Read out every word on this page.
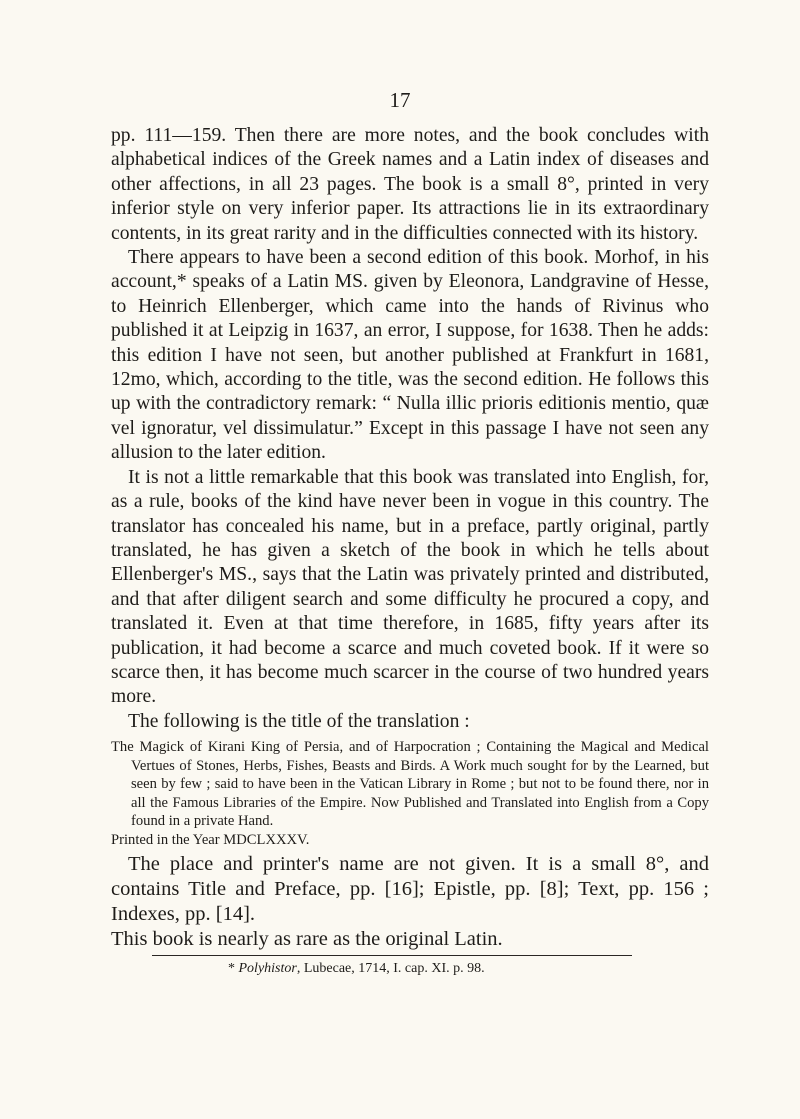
17

pp. 111—159. Then there are more notes, and the book concludes with alphabetical indices of the Greek names and a Latin index of diseases and other affections, in all 23 pages. The book is a small 8°, printed in very inferior style on very inferior paper. Its attractions lie in its extraordinary contents, in its great rarity and in the difficulties connected with its history.

There appears to have been a second edition of this book. Morhof, in his account,* speaks of a Latin MS. given by Eleonora, Landgravine of Hesse, to Heinrich Ellenberger, which came into the hands of Rivinus who published it at Leipzig in 1637, an error, I suppose, for 1638. Then he adds: this edition I have not seen, but another published at Frankfurt in 1681, 12mo, which, according to the title, was the second edition. He follows this up with the contradictory remark: “ Nulla illic prioris editionis mentio, quæ vel ignoratur, vel dissimulatur.” Except in this passage I have not seen any allusion to the later edition.

It is not a little remarkable that this book was translated into English, for, as a rule, books of the kind have never been in vogue in this country. The translator has concealed his name, but in a preface, partly original, partly translated, he has given a sketch of the book in which he tells about Ellenberger's MS., says that the Latin was privately printed and distributed, and that after diligent search and some difficulty he procured a copy, and translated it. Even at that time therefore, in 1685, fifty years after its publication, it had become a scarce and much coveted book. If it were so scarce then, it has become much scarcer in the course of two hundred years more.

The following is the title of the translation :

The Magick of Kirani King of Persia, and of Harpocration ; Containing the Magical and Medical Vertues of Stones, Herbs, Fishes, Beasts and Birds. A Work much sought for by the Learned, but seen by few ; said to have been in the Vatican Library in Rome ; but not to be found there, nor in all the Famous Libraries of the Empire. Now Published and Translated into English from a Copy found in a private Hand.

Printed in the Year MDCLXXXV.

The place and printer's name are not given. It is a small 8°, and contains Title and Preface, pp. [16]; Epistle, pp. [8]; Text, pp. 156 ; Indexes, pp. [14].

This book is nearly as rare as the original Latin.

* Polyhistor, Lubecae, 1714, I. cap. XI. p. 98.
